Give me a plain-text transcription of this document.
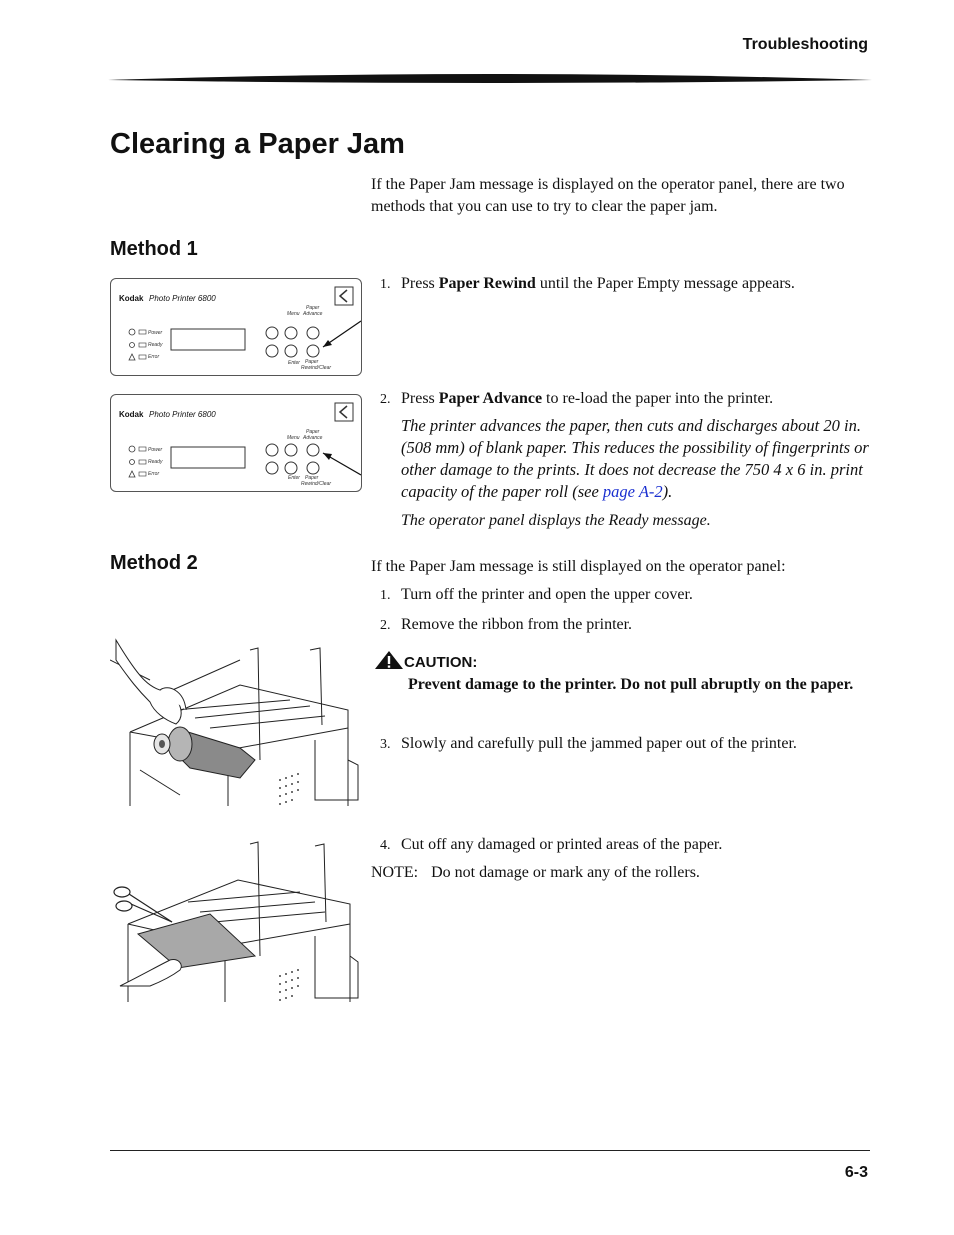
Troubleshooting
Clearing a Paper Jam
If the Paper Jam message is displayed on the operator panel, there are two methods that you can use to try to clear the paper jam.
Method 1
Kodak Photo Printer 6800
Power
Ready
Error
Menu
Paper
Advance
Enter Paper
Rewind/Clear
1. Press Paper Rewind until the Paper Empty message appears.
Kodak Photo Printer 6800
Power
Ready
Error
Menu
Paper
Advance
Enter Paper
Rewind/Clear
2. Press Paper Advance to re-load the paper into the printer.
The printer advances the paper, then cuts and discharges about 20 in. (508 mm) of blank paper. This reduces the possibility of fingerprints or other damage to the prints. It does not decrease the 750 4 x 6 in. print capacity of the paper roll (see page A-2).
The operator panel displays the Ready message.
Method 2	If the Paper Jam message is still displayed on the operator panel:
1. Turn off the printer and open the upper cover.
2. Remove the ribbon from the printer.
CAUTION:
Prevent damage to the printer. Do not pull abruptly on the paper.
3. Slowly and carefully pull the jammed paper out of the printer.
4. Cut off any damaged or printed areas of the paper.
NOTE: Do not damage or mark any of the rollers.
6-3
